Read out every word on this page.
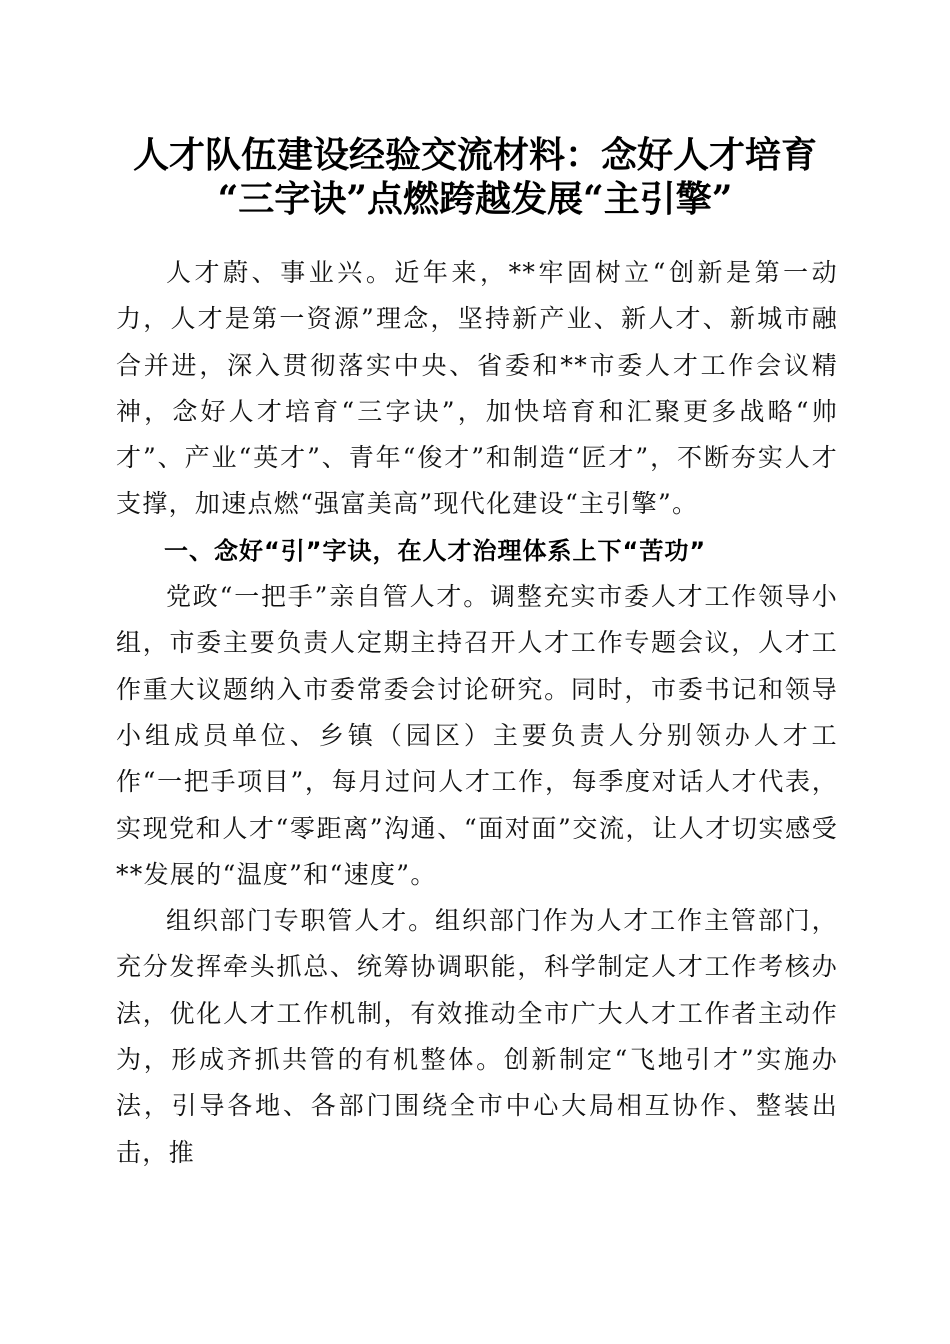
人才队伍建设经验交流材料：念好人才培育
“三字诀”点燃跨越发展“主引擎”

人才蔚、事业兴。近年来，**牢固树立“创新是第一动力，人才是第一资源”理念，坚持新产业、新人才、新城市融合并进，深入贯彻落实中央、省委和**市委人才工作会议精神，念好人才培育“三字诀”，加快培育和汇聚更多战略“帅才”、产业“英才”、青年“俊才”和制造“匠才”，不断夯实人才支撑，加速点燃“强富美高”现代化建设“主引擎”。

一、念好“引”字诀，在人才治理体系上下“苦功”

党政“一把手”亲自管人才。调整充实市委人才工作领导小组，市委主要负责人定期主持召开人才工作专题会议，人才工作重大议题纳入市委常委会讨论研究。同时，市委书记和领导小组成员单位、乡镇（园区）主要负责人分别领办人才工作“一把手项目”，每月过问人才工作，每季度对话人才代表，实现党和人才“零距离”沟通、“面对面”交流，让人才切实感受**发展的“温度”和“速度”。

组织部门专职管人才。组织部门作为人才工作主管部门，充分发挥牵头抓总、统筹协调职能，科学制定人才工作考核办法，优化人才工作机制，有效推动全市广大人才工作者主动作为，形成齐抓共管的有机整体。创新制定“飞地引才”实施办法，引导各地、各部门围绕全市中心大局相互协作、整装出击，推
